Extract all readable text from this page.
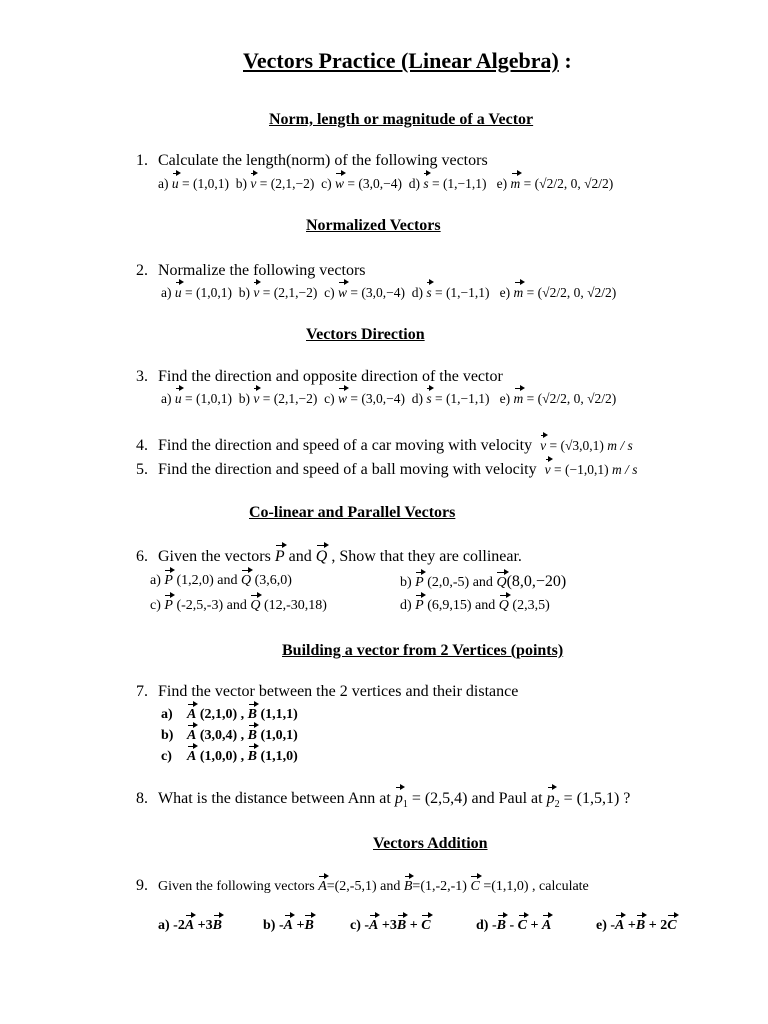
Vectors Practice (Linear Algebra) :
Norm, length or magnitude of a Vector
1. Calculate the length(norm) of the following vectors
a) u = (1,0,1) b) v = (2,1,−2) c) w = (3,0,−4) d) s = (1,−1,1) e) m = (√2/2, 0, √2/2)
Normalized Vectors
2. Normalize the following vectors
a) u = (1,0,1) b) v = (2,1,−2) c) w = (3,0,−4) d) s = (1,−1,1) e) m = (√2/2, 0, √2/2)
Vectors Direction
3. Find the direction and opposite direction of the vector
a) u = (1,0,1) b) v = (2,1,−2) c) w = (3,0,−4) d) s = (1,−1,1) e) m = (√2/2, 0, √2/2)
4. Find the direction and speed of a car moving with velocity v = (√3,0,1) m / s
5. Find the direction and speed of a ball moving with velocity v = (−1,0,1) m / s
Co-linear and Parallel Vectors
6. Given the vectors P and Q , Show that they are collinear.
a) P (1,2,0) and Q (3,6,0)	b) P (2,0,-5) and Q(8,0,−20)
c) P (-2,5,-3) and Q (12,-30,18)	d) P (6,9,15) and Q (2,3,5)
Building a vector from 2 Vertices (points)
7. Find the vector between the 2 vertices and their distance
a) A (2,1,0) , B (1,1,1)
b) A (3,0,4) , B (1,0,1)
c) A (1,0,0) , B (1,1,0)
8. What is the distance between Ann at $p_1 = (2,5,4)$ and Paul at $p_2 = (1,5,1)$ ?
Vectors Addition
9. Given the following vectors A=(2,-5,1) and B=(1,-2,-1) C =(1,1,0) , calculate
a) -2A +3B	b) -A +B	c) -A +3B + C	d) -B - C + A	e) -A +B + 2C
